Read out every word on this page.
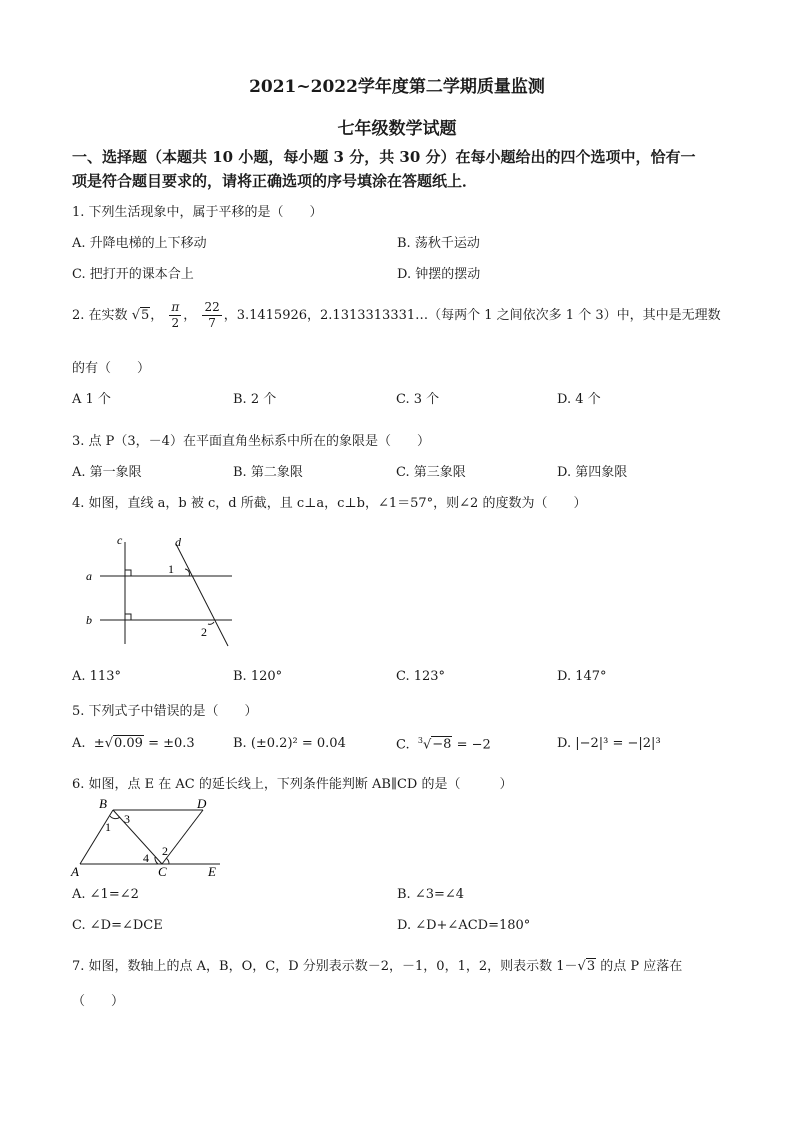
2021~2022学年度第二学期质量监测
七年级数学试题
一、选择题（本题共 10 小题，每小题 3 分，共 30 分）在每小题给出的四个选项中，恰有一
项是符合题目要求的，请将正确选项的序号填涂在答题纸上．
1. 下列生活现象中，属于平移的是（　　）
A. 升降电梯的上下移动	B. 荡秋千运动
C. 把打开的课本合上	D. 钟摆的摆动
2. 在实数 √5， $\frac{\pi}{2}$ ， $\frac{22}{7}$ ，3.1415926，2.1313313331…（每两个 1 之间依次多 1 个 3）中，其中是无理数
的有（　　）
A 1 个	B. 2 个	C. 3 个	D. 4 个
3. 点 P（3，－4）在平面直角坐标系中所在的象限是（　　）
A. 第一象限	B. 第二象限	C. 第三象限	D. 第四象限
4. 如图，直线 a，b 被 c，d 所截，且 c⊥a，c⊥b，∠1＝57°，则∠2 的度数为（　　）
c	d
a
b
1
2
A. 113°	B. 120°	C. 123°	D. 147°
5. 下列式子中错误的是（　　）
A. ±√0.09 = ±0.3	B. (±0.2)² = 0.04	C. $^3$√−8 = −2	D. |−2|³ = −|2|³
6. 如图，点 E 在 AC 的延长线上，下列条件能判断 AB∥CD 的是（　　　）
B	D
A	C	E
1
3
2
4
A. ∠1=∠2	B. ∠3=∠4
C. ∠D=∠DCE	D. ∠D+∠ACD=180°
7. 如图，数轴上的点 A，B，O，C，D 分别表示数－2，－1，0，1，2，则表示数 1－√3 的点 P 应落在
（　　）
